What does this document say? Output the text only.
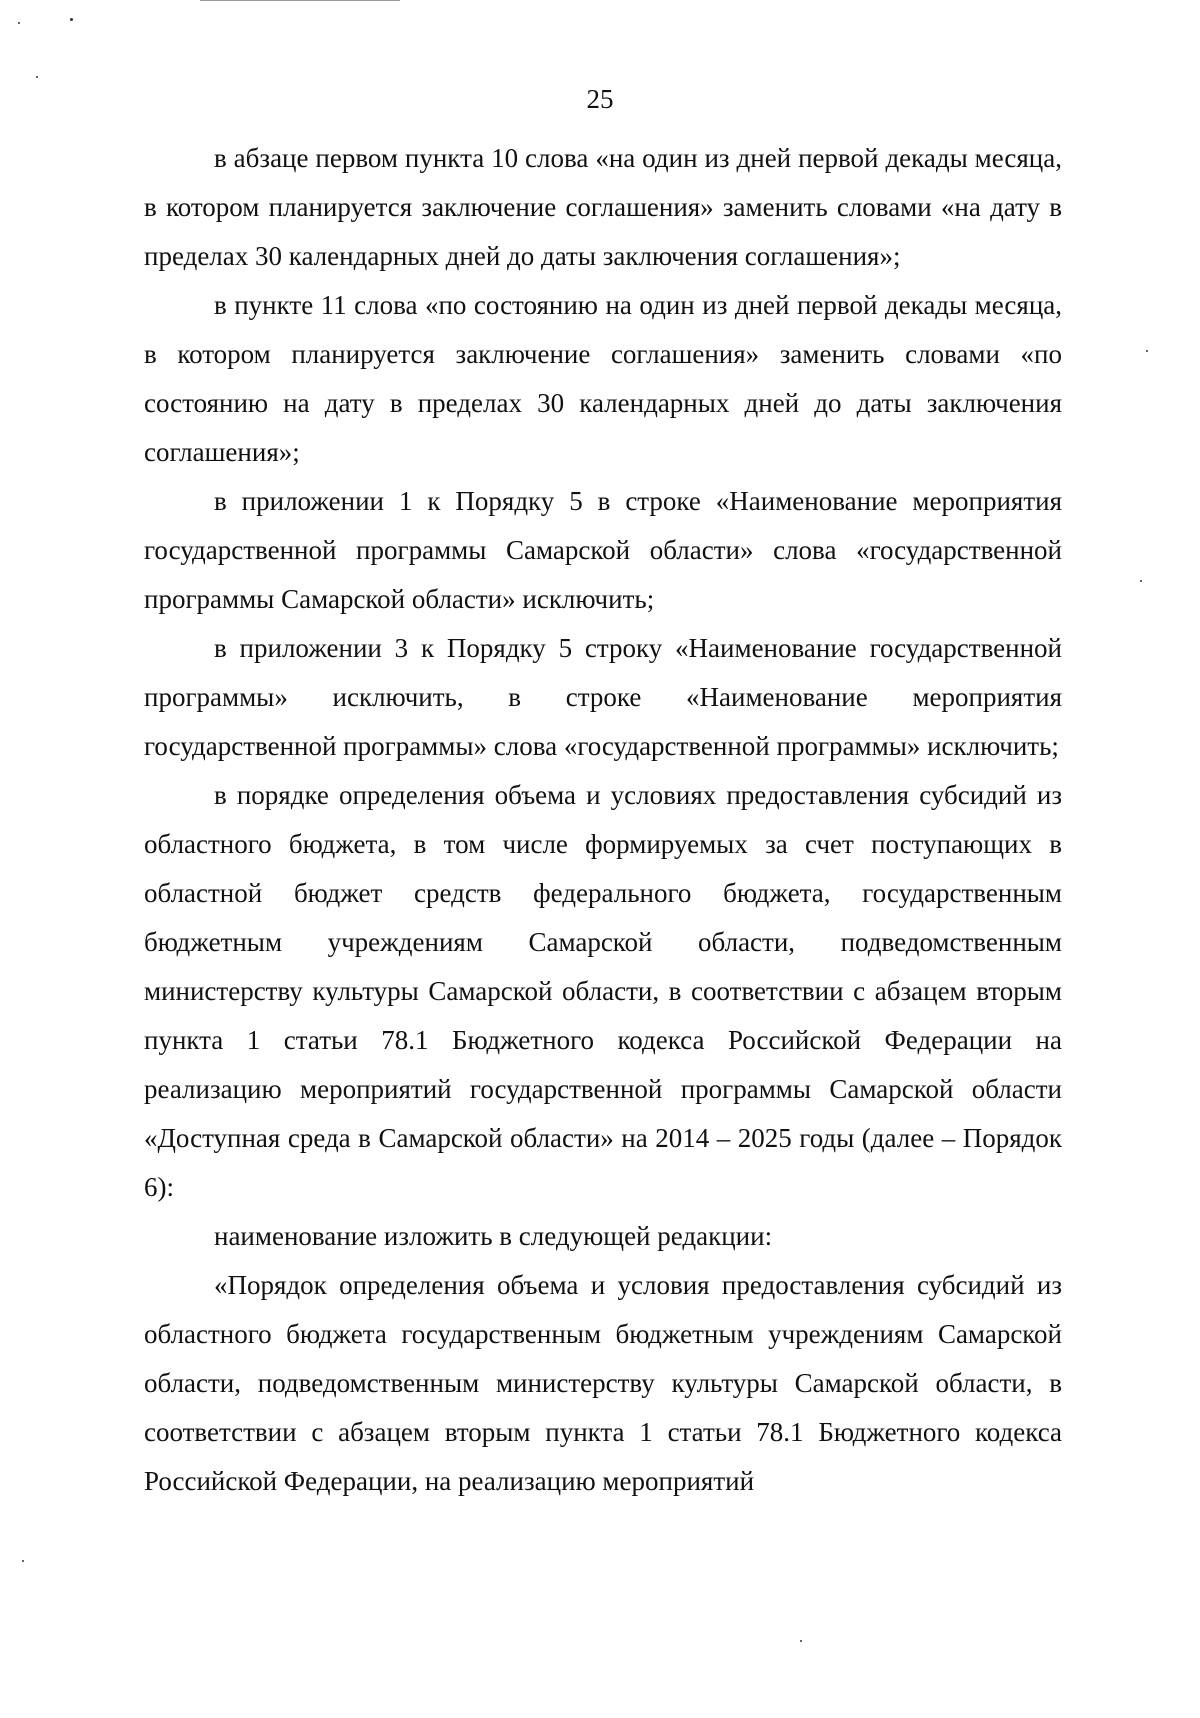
25

в абзаце первом пункта 10 слова «на один из дней первой декады месяца, в котором планируется заключение соглашения» заменить словами «на дату в пределах 30 календарных дней до даты заключения соглашения»;

в пункте 11 слова «по состоянию на один из дней первой декады месяца, в котором планируется заключение соглашения» заменить словами «по состоянию на дату в пределах 30 календарных дней до даты заключения соглашения»;

в приложении 1 к Порядку 5 в строке «Наименование мероприятия государственной программы Самарской области» слова «государственной программы Самарской области» исключить;

в приложении 3 к Порядку 5 строку «Наименование государственной программы» исключить, в строке «Наименование мероприятия государственной программы» слова «государственной программы» исключить;

в порядке определения объема и условиях предоставления субсидий из областного бюджета, в том числе формируемых за счет поступающих в областной бюджет средств федерального бюджета, государственным бюджетным учреждениям Самарской области, подведомственным министерству культуры Самарской области, в соответствии с абзацем вторым пункта 1 статьи 78.1 Бюджетного кодекса Российской Федерации на реализацию мероприятий государственной программы Самарской области «Доступная среда в Самарской области» на 2014 – 2025 годы (далее – Порядок 6):

наименование изложить в следующей редакции:

«Порядок определения объема и условия предоставления субсидий из областного бюджета государственным бюджетным учреждениям Самарской области, подведомственным министерству культуры Самарской области, в соответствии с абзацем вторым пункта 1 статьи 78.1 Бюджетного кодекса Российской Федерации, на реализацию мероприятий
